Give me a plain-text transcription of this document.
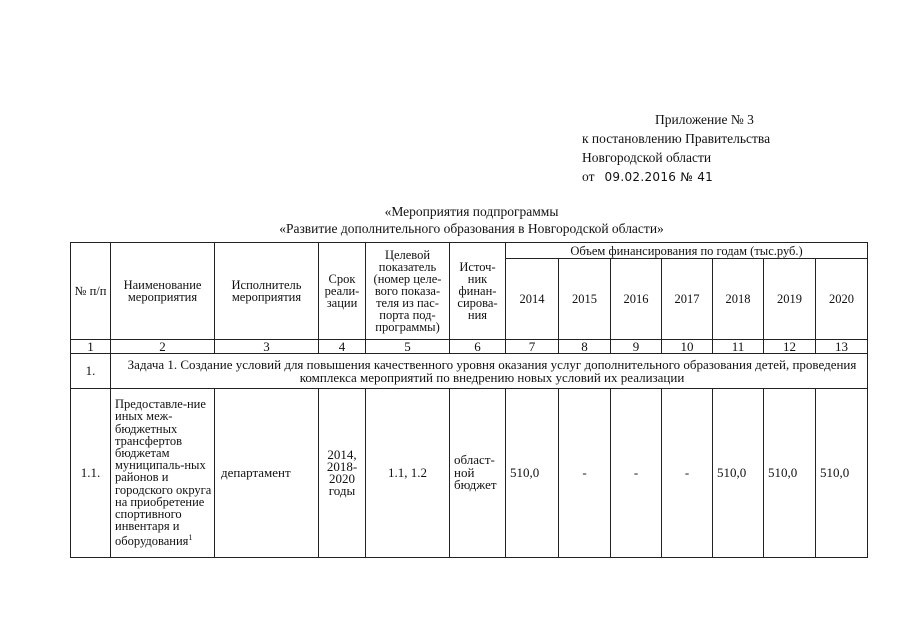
Приложение № 3
к постановлению Правительства
Новгородской области
от 09.02.2016 № 41
«Мероприятия подпрограммы
«Развитие дополнительного образования в Новгородской области»
№ п/п	Наименование мероприятия	Исполнитель мероприятия	Срок реали-зации	Целевой показатель (номер целе-вого показа-теля из пас-порта под-программы)	Источ-ник финан-сирова-ния	Объем финансирования по годам (тыс.руб.)						
						2014	2015	2016	2017	2018	2019	2020
1	2	3	4	5	6	7	8	9	10	11	12	13
1.	Задача 1. Создание условий для повышения качественного уровня оказания услуг дополнительного образования детей, проведения комплекса мероприятий по внедрению новых условий их реализации											
1.1.	Предоставле-ние иных меж-бюджетных трансфертов бюджетам муниципаль-ных районов и городского округа на приобретение спортивного инвентаря и оборудования$^1$	департамент	2014, 2018-2020 годы	1.1, 1.2	област-ной бюджет	510,0	-	-	-	510,0	510,0	510,0
